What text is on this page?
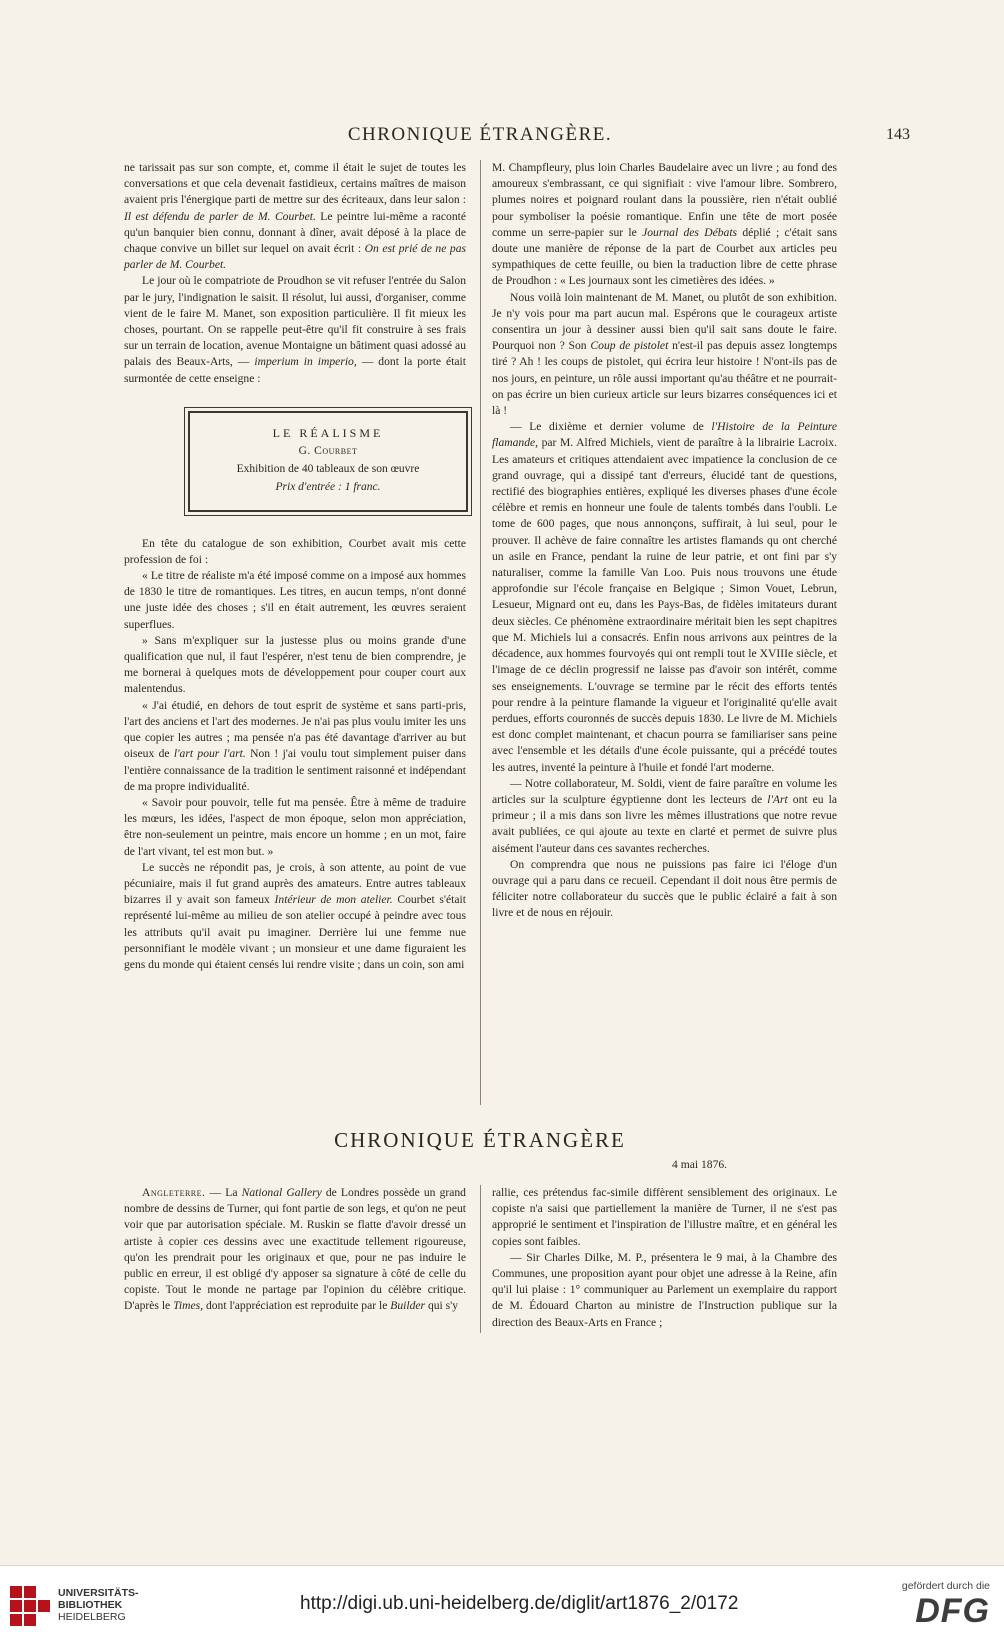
CHRONIQUE ÉTRANGÈRE.	143

ne tarissait pas sur son compte, et, comme il était le sujet de toutes les conversations et que cela devenait fastidieux, certains maîtres de maison avaient pris l'énergique parti de mettre sur des écriteaux, dans leur salon : Il est défendu de parler de M. Courbet. Le peintre lui-même a raconté qu'un banquier bien connu, donnant à dîner, avait déposé à la place de chaque convive un billet sur lequel on avait écrit : On est prié de ne pas parler de M. Courbet.

Le jour où le compatriote de Proudhon se vit refuser l'entrée du Salon par le jury, l'indignation le saisit. Il résolut, lui aussi, d'organiser, comme vient de le faire M. Manet, son exposition particulière. Il fit mieux les choses, pourtant. On se rappelle peut-être qu'il fit construire à ses frais sur un terrain de location, avenue Montaigne un bâtiment quasi adossé au palais des Beaux-Arts, — imperium in imperio, — dont la porte était surmontée de cette enseigne :

LE RÉALISME
G. Courbet
Exhibition de 40 tableaux de son œuvre
Prix d'entrée : 1 franc.

En tête du catalogue de son exhibition, Courbet avait mis cette profession de foi :

« Le titre de réaliste m'a été imposé comme on a imposé aux hommes de 1830 le titre de romantiques. Les titres, en aucun temps, n'ont donné une juste idée des choses ; s'il en était autrement, les œuvres seraient superflues.

» Sans m'expliquer sur la justesse plus ou moins grande d'une qualification que nul, il faut l'espérer, n'est tenu de bien comprendre, je me bornerai à quelques mots de développement pour couper court aux malentendus.

« J'ai étudié, en dehors de tout esprit de système et sans parti-pris, l'art des anciens et l'art des modernes. Je n'ai pas plus voulu imiter les uns que copier les autres ; ma pensée n'a pas été davantage d'arriver au but oiseux de l'art pour l'art. Non ! j'ai voulu tout simplement puiser dans l'entière connaissance de la tradition le sentiment raisonné et indépendant de ma propre individualité.

« Savoir pour pouvoir, telle fut ma pensée. Être à même de traduire les mœurs, les idées, l'aspect de mon époque, selon mon appréciation, être non-seulement un peintre, mais encore un homme ; en un mot, faire de l'art vivant, tel est mon but. »

Le succès ne répondit pas, je crois, à son attente, au point de vue pécuniaire, mais il fut grand auprès des amateurs. Entre autres tableaux bizarres il y avait son fameux Intérieur de mon atelier. Courbet s'était représenté lui-même au milieu de son atelier occupé à peindre avec tous les attributs qu'il avait pu imaginer. Derrière lui une femme nue personnifiant le modèle vivant ; un monsieur et une dame figuraient les gens du monde qui étaient censés lui rendre visite ; dans un coin, son ami

M. Champfleury, plus loin Charles Baudelaire avec un livre ; au fond des amoureux s'embrassant, ce qui signifiait : vive l'amour libre. Sombrero, plumes noires et poignard roulant dans la poussière, rien n'était oublié pour symboliser la poésie romantique. Enfin une tête de mort posée comme un serre-papier sur le Journal des Débats déplié ; c'était sans doute une manière de réponse de la part de Courbet aux articles peu sympathiques de cette feuille, ou bien la traduction libre de cette phrase de Proudhon : « Les journaux sont les cimetières des idées. »

Nous voilà loin maintenant de M. Manet, ou plutôt de son exhibition. Je n'y vois pour ma part aucun mal. Espérons que le courageux artiste consentira un jour à dessiner aussi bien qu'il sait sans doute le faire. Pourquoi non ? Son Coup de pistolet n'est-il pas depuis assez longtemps tiré ? Ah ! les coups de pistolet, qui écrira leur histoire ! N'ont-ils pas de nos jours, en peinture, un rôle aussi important qu'au théâtre et ne pourrait-on pas écrire un bien curieux article sur leurs bizarres conséquences ici et là !

— Le dixième et dernier volume de l'Histoire de la Peinture flamande, par M. Alfred Michiels, vient de paraître à la librairie Lacroix. Les amateurs et critiques attendaient avec impatience la conclusion de ce grand ouvrage, qui a dissipé tant d'erreurs, élucidé tant de questions, rectifié des biographies entières, expliqué les diverses phases d'une école célèbre et remis en honneur une foule de talents tombés dans l'oubli. Le tome de 600 pages, que nous annonçons, suffirait, à lui seul, pour le prouver. Il achève de faire connaître les artistes flamands qu ont cherché un asile en France, pendant la ruine de leur patrie, et ont fini par s'y naturaliser, comme la famille Van Loo. Puis nous trouvons une étude approfondie sur l'école française en Belgique ; Simon Vouet, Lebrun, Lesueur, Mignard ont eu, dans les Pays-Bas, de fidèles imitateurs durant deux siècles. Ce phénomène extraordinaire méritait bien les sept chapitres que M. Michiels lui a consacrés. Enfin nous arrivons aux peintres de la décadence, aux hommes fourvoyés qui ont rempli tout le XVIIIe siècle, et l'image de ce déclin progressif ne laisse pas d'avoir son intérêt, comme ses enseignements. L'ouvrage se termine par le récit des efforts tentés pour rendre à la peinture flamande la vigueur et l'originalité qu'elle avait perdues, efforts couronnés de succès depuis 1830. Le livre de M. Michiels est donc complet maintenant, et chacun pourra se familiariser sans peine avec l'ensemble et les détails d'une école puissante, qui a précédé toutes les autres, inventé la peinture à l'huile et fondé l'art moderne.

— Notre collaborateur, M. Soldi, vient de faire paraître en volume les articles sur la sculpture égyptienne dont les lecteurs de l'Art ont eu la primeur ; il a mis dans son livre les mêmes illustrations que notre revue avait publiées, ce qui ajoute au texte en clarté et permet de suivre plus aisément l'auteur dans ces savantes recherches.

On comprendra que nous ne puissions pas faire ici l'éloge d'un ouvrage qui a paru dans ce recueil. Cependant il doit nous être permis de féliciter notre collaborateur du succès que le public éclairé a fait à son livre et de nous en réjouir.

CHRONIQUE ÉTRANGÈRE
4 mai 1876.

Angleterre. — La National Gallery de Londres possède un grand nombre de dessins de Turner, qui font partie de son legs, et qu'on ne peut voir que par autorisation spéciale. M. Ruskin se flatte d'avoir dressé un artiste à copier ces dessins avec une exactitude tellement rigoureuse, qu'on les prendrait pour les originaux et que, pour ne pas induire le public en erreur, il est obligé d'y apposer sa signature à côté de celle du copiste. Tout le monde ne partage par l'opinion du célèbre critique. D'après le Times, dont l'appréciation est reproduite par le Builder qui s'y

rallie, ces prétendus fac-simile diffèrent sensiblement des originaux. Le copiste n'a saisi que partiellement la manière de Turner, il ne s'est pas approprié le sentiment et l'inspiration de l'illustre maître, et en général les copies sont faibles.

— Sir Charles Dilke, M. P., présentera le 9 mai, à la Chambre des Communes, une proposition ayant pour objet une adresse à la Reine, afin qu'il lui plaise : 1° communiquer au Parlement un exemplaire du rapport de M. Édouard Charton au ministre de l'Instruction publique sur la direction des Beaux-Arts en France ;

UNIVERSITÄTS-
BIBLIOTHEK
HEIDELBERG
http://digi.ub.uni-heidelberg.de/diglit/art1876_2/0172
gefördert durch die
DFG
